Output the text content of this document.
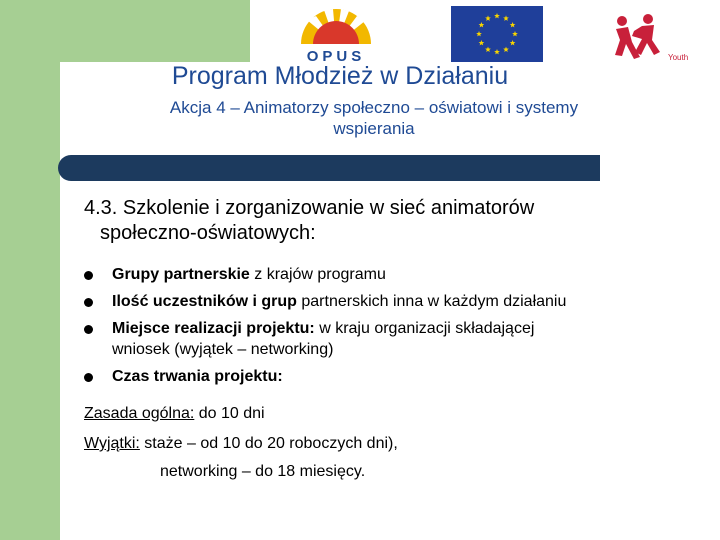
OPUS	Youth
Program Młodzież w Działaniu
Akcja 4 – Animatorzy społeczno – oświatowi i systemy
wspierania
4.3. Szkolenie i zorganizowanie w sieć animatorów
społeczno-oświatowych:
Grupy partnerskie z krajów programu
Ilość uczestników i grup partnerskich inna w każdym działaniu
Miejsce realizacji projektu: w kraju organizacji składającej
wniosek (wyjątek – networking)
Czas trwania projektu:
Zasada ogólna: do 10 dni
Wyjątki: staże – od 10 do 20 roboczych dni),
networking – do 18 miesięcy.
